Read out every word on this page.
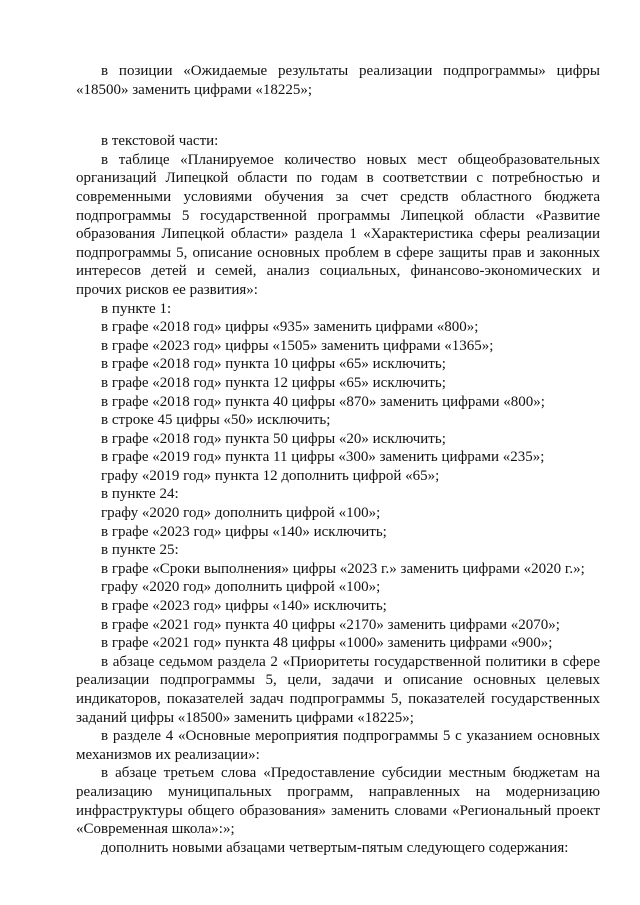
в позиции «Ожидаемые результаты реализации подпрограммы» цифры «18500» заменить цифрами «18225»;

в текстовой части:

в таблице «Планируемое количество новых мест общеобразовательных организаций Липецкой области по годам в соответствии с потребностью и современными условиями обучения за счет средств областного бюджета подпрограммы 5 государственной программы Липецкой области «Развитие образования Липецкой области» раздела 1 «Характеристика сферы реализации подпрограммы 5, описание основных проблем в сфере защиты прав и законных интересов детей и семей, анализ социальных, финансово-экономических и прочих рисков ее развития»:

в пункте 1:

в графе «2018 год» цифры «935» заменить цифрами «800»;

в графе «2023 год» цифры «1505» заменить цифрами «1365»;

в графе «2018 год» пункта 10 цифры «65» исключить;

в графе «2018 год» пункта 12 цифры «65» исключить;

в графе «2018 год» пункта 40 цифры «870» заменить цифрами «800»;

в строке 45 цифры «50» исключить;

в графе «2018 год» пункта 50 цифры «20» исключить;

в графе «2019 год» пункта 11 цифры «300» заменить цифрами «235»;

графу «2019 год» пункта 12 дополнить цифрой «65»;

в пункте 24:

графу «2020 год» дополнить цифрой «100»;

в графе «2023 год» цифры «140» исключить;

в пункте 25:

в графе «Сроки выполнения» цифры «2023 г.» заменить цифрами «2020 г.»;

графу «2020 год» дополнить цифрой «100»;

в графе «2023 год» цифры «140» исключить;

в графе «2021 год» пункта 40 цифры «2170» заменить цифрами «2070»;

в графе «2021 год» пункта 48 цифры «1000» заменить цифрами «900»;

в абзаце седьмом раздела 2 «Приоритеты государственной политики в сфере реализации подпрограммы 5, цели, задачи и описание основных целевых индикаторов, показателей задач подпрограммы 5, показателей государственных заданий цифры «18500» заменить цифрами «18225»;

в разделе 4 «Основные мероприятия подпрограммы 5 с указанием основных механизмов их реализации»:

в абзаце третьем слова «Предоставление субсидии местным бюджетам на реализацию муниципальных программ, направленных на модернизацию инфраструктуры общего образования» заменить словами «Региональный проект «Современная школа»:»;

дополнить новыми абзацами четвертым-пятым следующего содержания:
